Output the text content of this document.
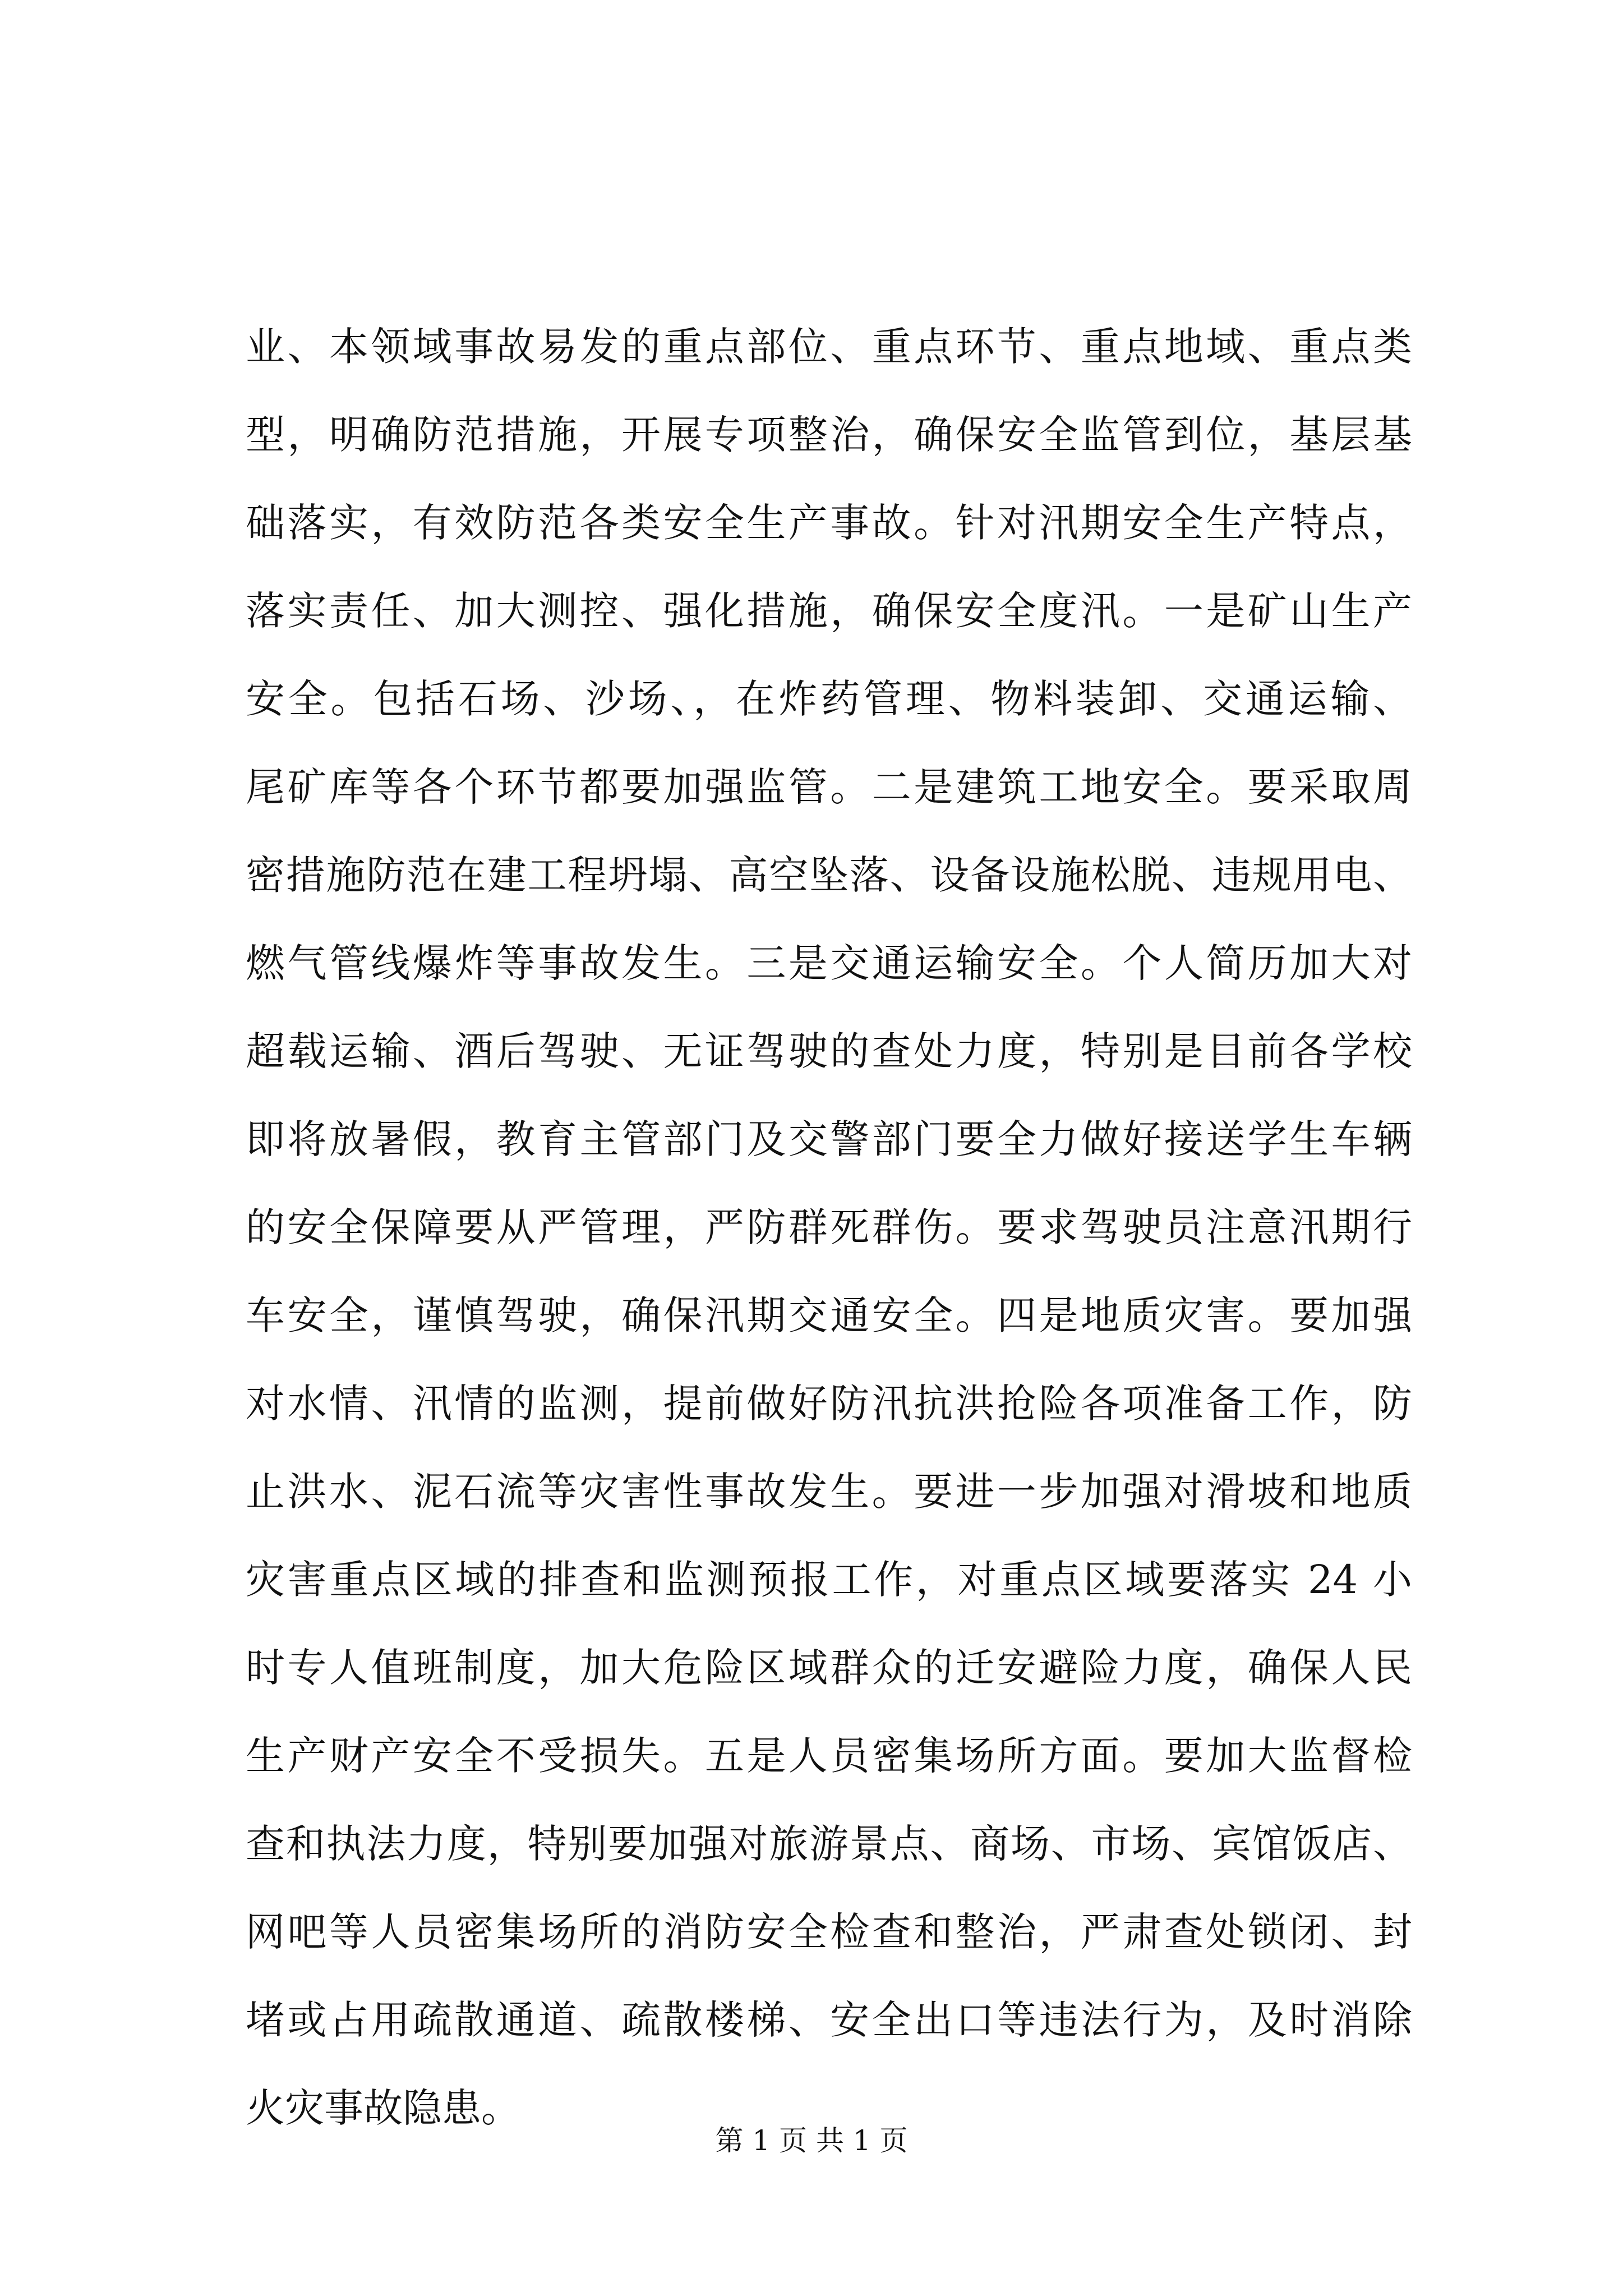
业、本领域事故易发的重点部位、重点环节、重点地域、重点类
型，明确防范措施，开展专项整治，确保安全监管到位，基层基
础落实，有效防范各类安全生产事故。针对汛期安全生产特点，
落实责任、加大测控、强化措施，确保安全度汛。一是矿山生产
安全。包括石场、沙场、，在炸药管理、物料装卸、交通运输、
尾矿库等各个环节都要加强监管。二是建筑工地安全。要采取周
密措施防范在建工程坍塌、高空坠落、设备设施松脱、违规用电、
燃气管线爆炸等事故发生。三是交通运输安全。个人简历加大对
超载运输、酒后驾驶、无证驾驶的查处力度，特别是目前各学校
即将放暑假，教育主管部门及交警部门要全力做好接送学生车辆
的安全保障要从严管理，严防群死群伤。要求驾驶员注意汛期行
车安全，谨慎驾驶，确保汛期交通安全。四是地质灾害。要加强
对水情、汛情的监测，提前做好防汛抗洪抢险各项准备工作，防
止洪水、泥石流等灾害性事故发生。要进一步加强对滑坡和地质
灾害重点区域的排查和监测预报工作，对重点区域要落实 24 小
时专人值班制度，加大危险区域群众的迁安避险力度，确保人民
生产财产安全不受损失。五是人员密集场所方面。要加大监督检
查和执法力度，特别要加强对旅游景点、商场、市场、宾馆饭店、
网吧等人员密集场所的消防安全检查和整治，严肃查处锁闭、封
堵或占用疏散通道、疏散楼梯、安全出口等违法行为，及时消除
火灾事故隐患。
第 1 页 共 1 页
